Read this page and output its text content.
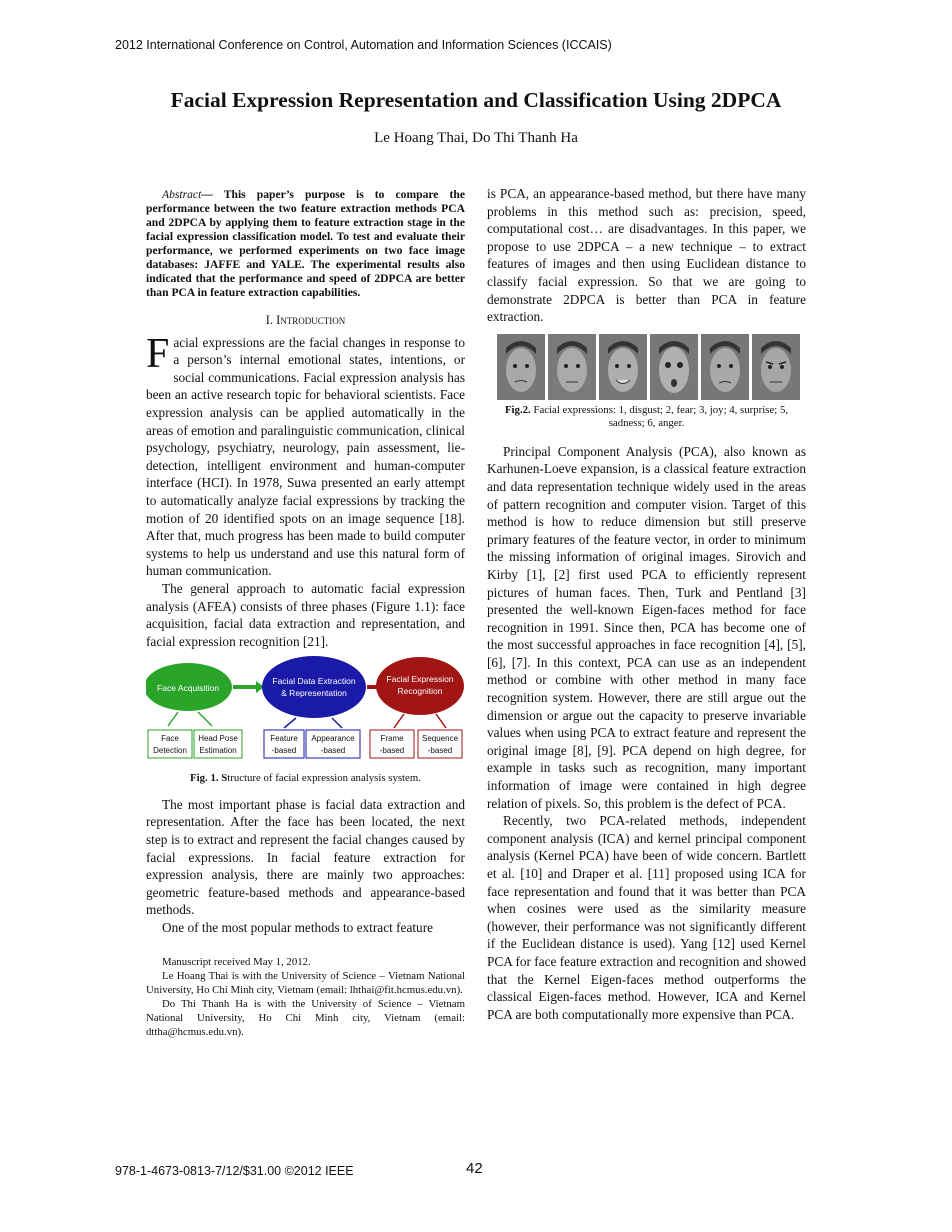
2012 International Conference on Control, Automation and Information Sciences (ICCAIS)
Facial Expression Representation and Classification Using 2DPCA
Le Hoang Thai, Do Thi Thanh Ha

Abstract— This paper’s purpose is to compare the performance between the two feature extraction methods PCA and 2DPCA by applying them to feature extraction stage in the facial expression classification model. To test and evaluate their performance, we performed experiments on two face image databases: JAFFE and YALE. The experimental results also indicated that the performance and speed of 2DPCA are better than PCA in feature extraction capabilities.

I. Introduction

Facial expressions are the facial changes in response to a person’s internal emotional states, intentions, or social communications. Facial expression analysis has been an active research topic for behavioral scientists. Face expression analysis can be applied automatically in the areas of emotion and paralinguistic communication, clinical psychology, psychiatry, neurology, pain assessment, lie-detection, intelligent environment and human-computer interface (HCI). In 1978, Suwa presented an early attempt to automatically analyze facial expressions by tracking the motion of 20 identified spots on an image sequence [18]. After that, much progress has been made to build computer systems to help us understand and use this natural form of human communication.

The general approach to automatic facial expression analysis (AFEA) consists of three phases (Figure 1.1): face acquisition, facial data extraction and representation, and facial expression recognition [21].

Face Acquisition
Facial Data Extraction
& Representation
Facial Expression
Recognition
Face
Detection
Head Pose
Estimation
Feature
-based
Appearance
-based
Frame
-based
Sequence
-based

Fig. 1. Structure of facial expression analysis system.

The most important phase is facial data extraction and representation. After the face has been located, the next step is to extract and represent the facial changes caused by facial expressions. In facial feature extraction for expression analysis, there are mainly two approaches: geometric feature-based methods and appearance-based methods.

One of the most popular methods to extract feature

Manuscript received May 1, 2012.

Le Hoang Thai is with the University of Science – Vietnam National University, Ho Chi Minh city, Vietnam (email: lhthai@fit.hcmus.edu.vn).

Do Thi Thanh Ha is with the University of Science – Vietnam National University, Ho Chi Minh city, Vietnam (email: dttha@hcmus.edu.vn).

is PCA, an appearance-based method, but there have many problems in this method such as: precision, speed, computational cost… are disadvantages. In this paper, we propose to use 2DPCA – a new technique – to extract features of images and then using Euclidean distance to classify facial expression. So that we are going to demonstrate 2DPCA is better than PCA in feature extraction.

Fig.2. Facial expressions: 1, disgust; 2, fear; 3, joy; 4, surprise; 5, sadness; 6, anger.

Principal Component Analysis (PCA), also known as Karhunen-Loeve expansion, is a classical feature extraction and data representation technique widely used in the areas of pattern recognition and computer vision. Target of this method is how to reduce dimension but still preserve primary features of the feature vector, in order to minimum the missing information of original images. Sirovich and Kirby [1], [2] first used PCA to efficiently represent pictures of human faces. Then, Turk and Pentland [3] presented the well-known Eigen-faces method for face recognition in 1991. Since then, PCA has become one of the most successful approaches in face recognition [4], [5], [6], [7]. In this context, PCA can use as an independent method or combine with other method in many face recognition system. However, there are still argue out the dimension or argue out the capacity to preserve invariable values when using PCA to extract feature and represent the original image [8], [9]. PCA depend on high degree, for example in tasks such as recognition, many important information of image were contained in high degree relation of pixels. So, this problem is the defect of PCA.

Recently, two PCA-related methods, independent component analysis (ICA) and kernel principal component analysis (Kernel PCA) have been of wide concern. Bartlett et al. [10] and Draper et al. [11] proposed using ICA for face representation and found that it was better than PCA when cosines were used as the similarity measure (however, their performance was not significantly different if the Euclidean distance is used). Yang [12] used Kernel PCA for face feature extraction and recognition and showed that the Kernel Eigen-faces method outperforms the classical Eigen-faces method. However, ICA and Kernel PCA are both computationally more expensive than PCA.

978-1-4673-0813-7/12/$31.00 ©2012 IEEE	42
